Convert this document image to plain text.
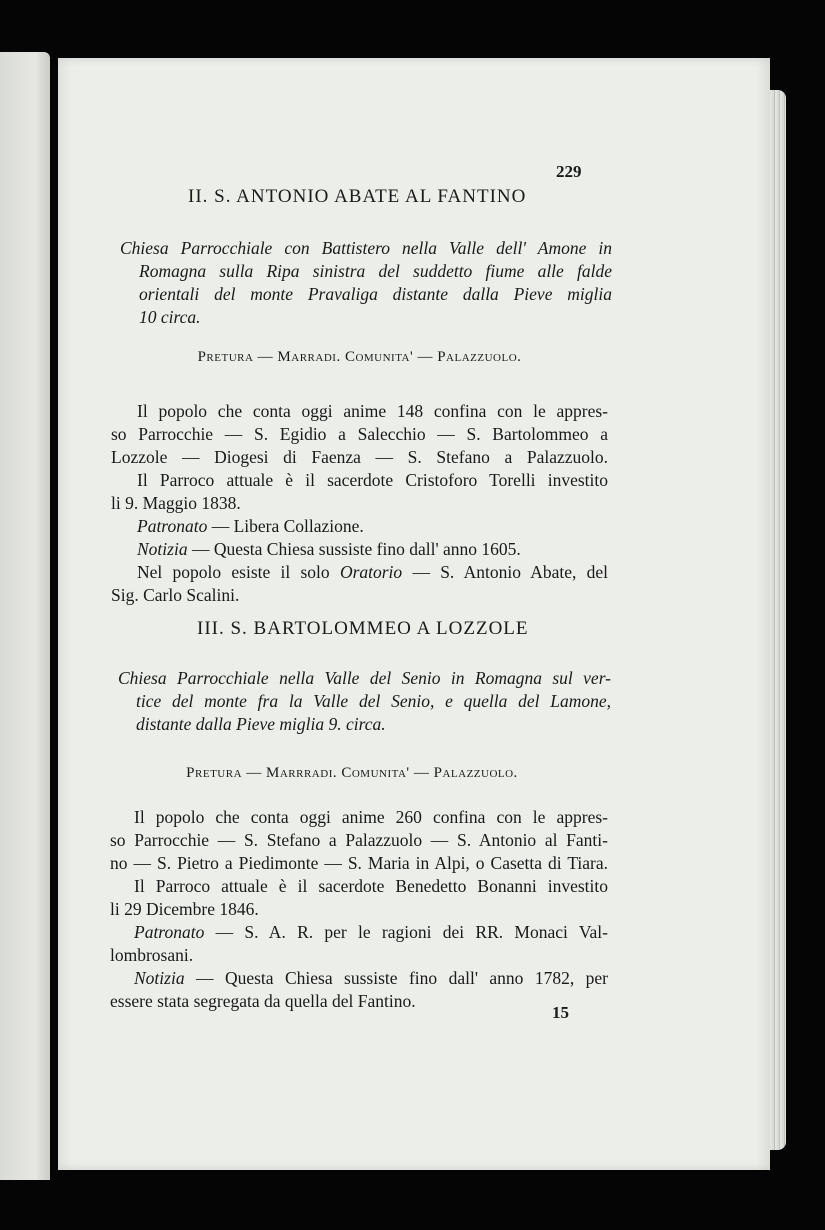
229
II. S. ANTONIO ABATE AL FANTINO
Chiesa Parrocchiale con Battistero nella Valle dell' Amone in
Romagna sulla Ripa sinistra del suddetto fiume alle falde
orientali del monte Pravaliga distante dalla Pieve miglia
10 circa.
Pretura — Marradi. Comunita' — Palazzuolo.
Il popolo che conta oggi anime 148 confina con le appres-
so Parrocchie — S. Egidio a Salecchio — S. Bartolommeo a
Lozzole — Diogesi di Faenza — S. Stefano a Palazzuolo.
Il Parroco attuale è il sacerdote Cristoforo Torelli investito
li 9. Maggio 1838.
Patronato — Libera Collazione.
Notizia — Questa Chiesa sussiste fino dall' anno 1605.
Nel popolo esiste il solo Oratorio — S. Antonio Abate, del
Sig. Carlo Scalini.
III. S. BARTOLOMMEO A LOZZOLE
Chiesa Parrocchiale nella Valle del Senio in Romagna sul ver-
tice del monte fra la Valle del Senio, e quella del Lamone,
distante dalla Pieve miglia 9. circa.
Pretura — Marrradi. Comunita' — Palazzuolo.
Il popolo che conta oggi anime 260 confina con le appres-
so Parrocchie — S. Stefano a Palazzuolo — S. Antonio al Fanti-
no — S. Pietro a Piedimonte — S. Maria in Alpi, o Casetta di Tiara.
Il Parroco attuale è il sacerdote Benedetto Bonanni investito
li 29 Dicembre 1846.
Patronato — S. A. R. per le ragioni dei RR. Monaci Val-
lombrosani.
Notizia — Questa Chiesa sussiste fino dall' anno 1782, per
essere stata segregata da quella del Fantino.
15
